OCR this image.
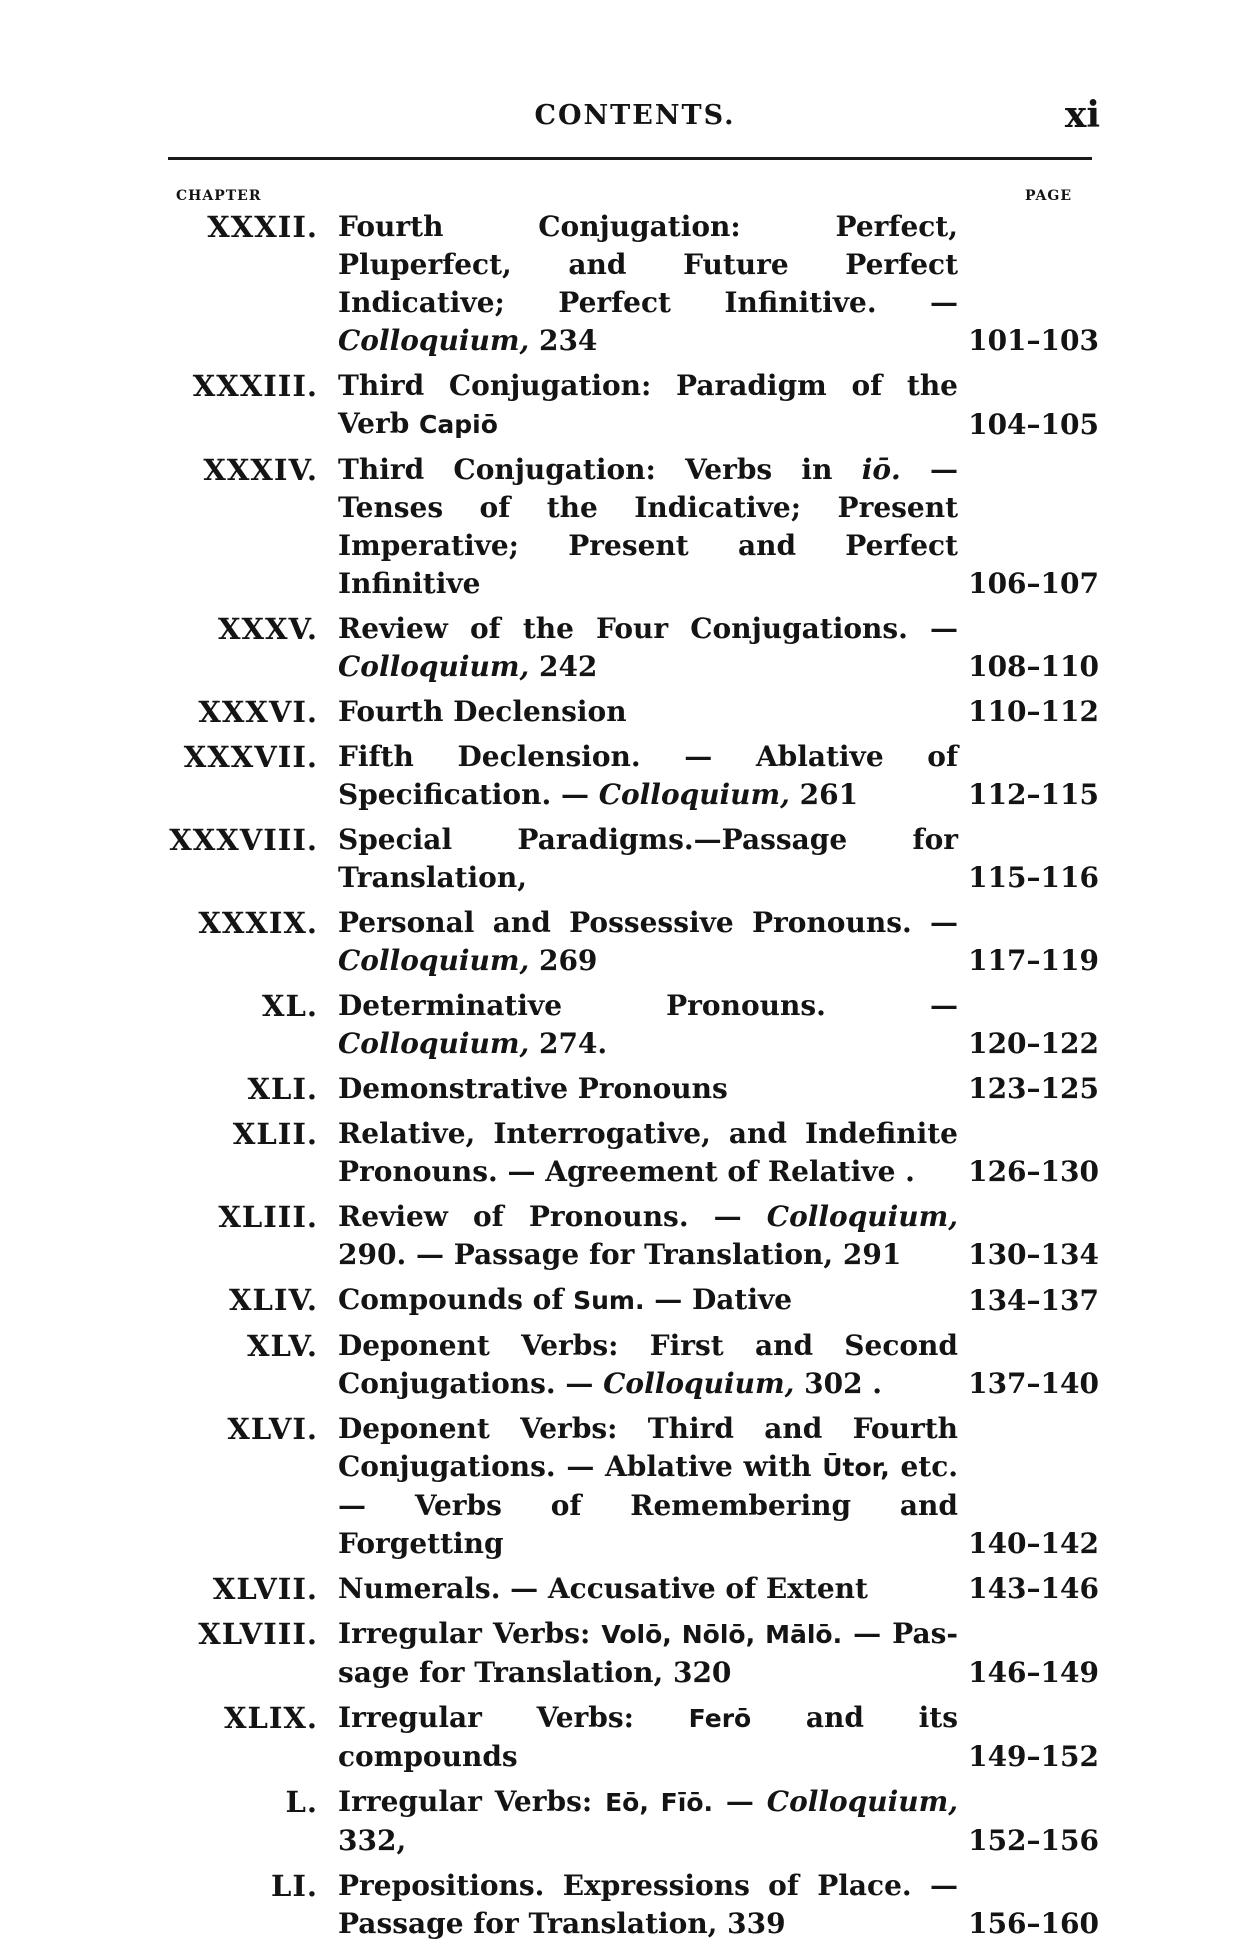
CONTENTS.	xi
CHAPTER	PAGE
XXXII. Fourth Conjugation: Perfect, Pluperfect, and Future Perfect Indicative; Perfect Infinitive. — Colloquium, 234	101–103
XXXIII. Third Conjugation: Paradigm of the Verb Capiō	104–105
XXXIV. Third Conjugation: Verbs in iō. — Tenses of the Indicative; Present Imperative; Present and Perfect Infinitive	106–107
XXXV. Review of the Four Conjugations. — Colloquium, 242	108–110
XXXVI. Fourth Declension	110–112
XXXVII. Fifth Declension. — Ablative of Specification. — Colloquium, 261	112–115
XXXVIII. Special Paradigms.—Passage for Translation,	115–116
XXXIX. Personal and Possessive Pronouns. — Colloquium, 269	117–119
XL. Determinative Pronouns. — Colloquium, 274.	120–122
XLI. Demonstrative Pronouns	123–125
XLII. Relative, Interrogative, and Indefinite Pronouns. — Agreement of Relative .	126–130
XLIII. Review of Pronouns. — Colloquium, 290. — Passage for Translation, 291	130–134
XLIV. Compounds of Sum. — Dative	134–137
XLV. Deponent Verbs: First and Second Conjugations. — Colloquium, 302 .	137–140
XLVI. Deponent Verbs: Third and Fourth Conjugations. — Ablative with Ūtor, etc. — Verbs of Remembering and Forgetting	140–142
XLVII. Numerals. — Accusative of Extent	143–146
XLVIII. Irregular Verbs: Volō, Nōlō, Mālō. — Passage for Translation, 320	146–149
XLIX. Irregular Verbs: Ferō and its compounds	149–152
L. Irregular Verbs: Eō, Fīō. — Colloquium, 332,	152–156
LI. Prepositions. Expressions of Place. — Passage for Translation, 339	156–160
